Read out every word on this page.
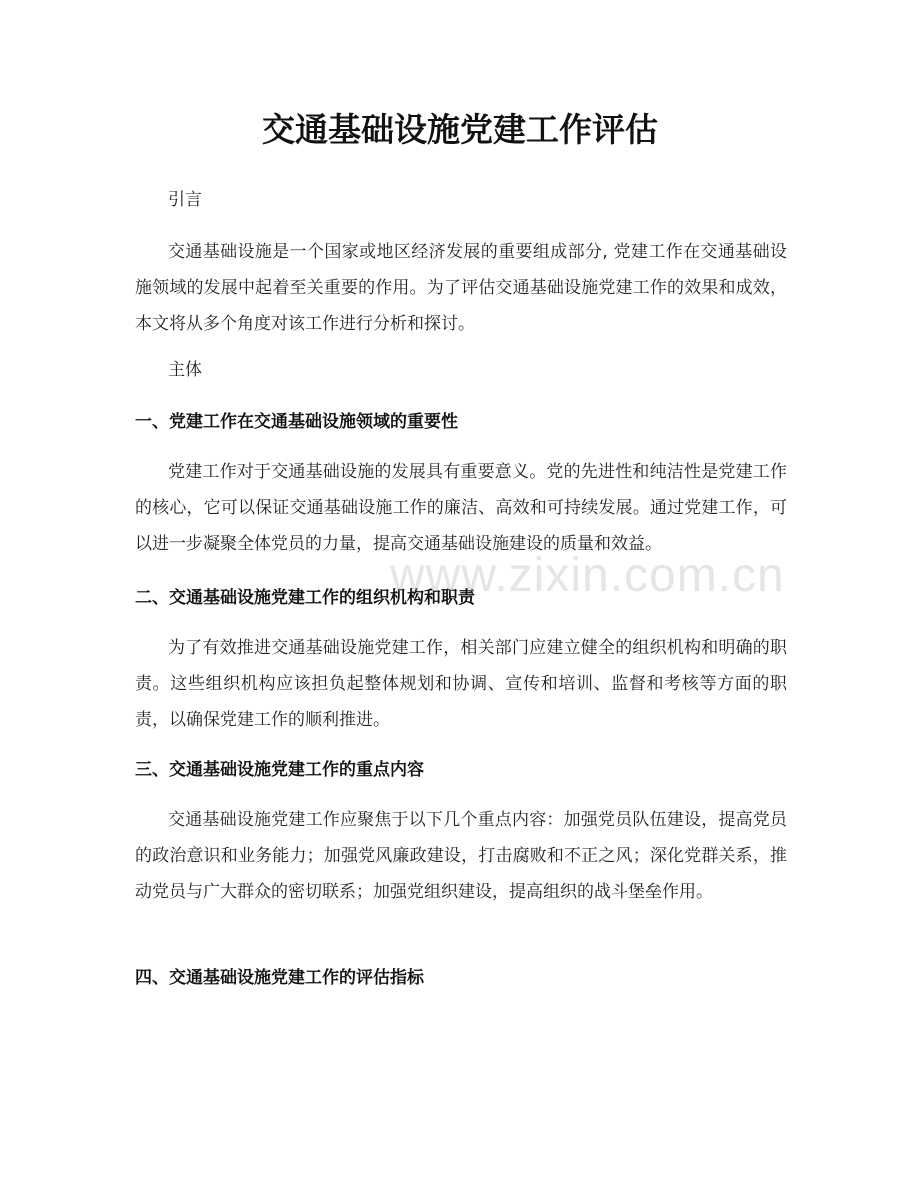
交通基础设施党建工作评估

引言

交通基础设施是一个国家或地区经济发展的重要组成部分, 党建工作在交通基础设施领域的发展中起着至关重要的作用。为了评估交通基础设施党建工作的效果和成效，本文将从多个角度对该工作进行分析和探讨。

主体

一、党建工作在交通基础设施领域的重要性

党建工作对于交通基础设施的发展具有重要意义。党的先进性和纯洁性是党建工作的核心，它可以保证交通基础设施工作的廉洁、高效和可持续发展。通过党建工作，可以进一步凝聚全体党员的力量，提高交通基础设施建设的质量和效益。

二、交通基础设施党建工作的组织机构和职责

为了有效推进交通基础设施党建工作，相关部门应建立健全的组织机构和明确的职责。这些组织机构应该担负起整体规划和协调、宣传和培训、监督和考核等方面的职责，以确保党建工作的顺利推进。

三、交通基础设施党建工作的重点内容

交通基础设施党建工作应聚焦于以下几个重点内容：加强党员队伍建设，提高党员的政治意识和业务能力；加强党风廉政建设，打击腐败和不正之风；深化党群关系，推动党员与广大群众的密切联系；加强党组织建设，提高组织的战斗堡垒作用。

四、交通基础设施党建工作的评估指标
www.zixin.com.cn
